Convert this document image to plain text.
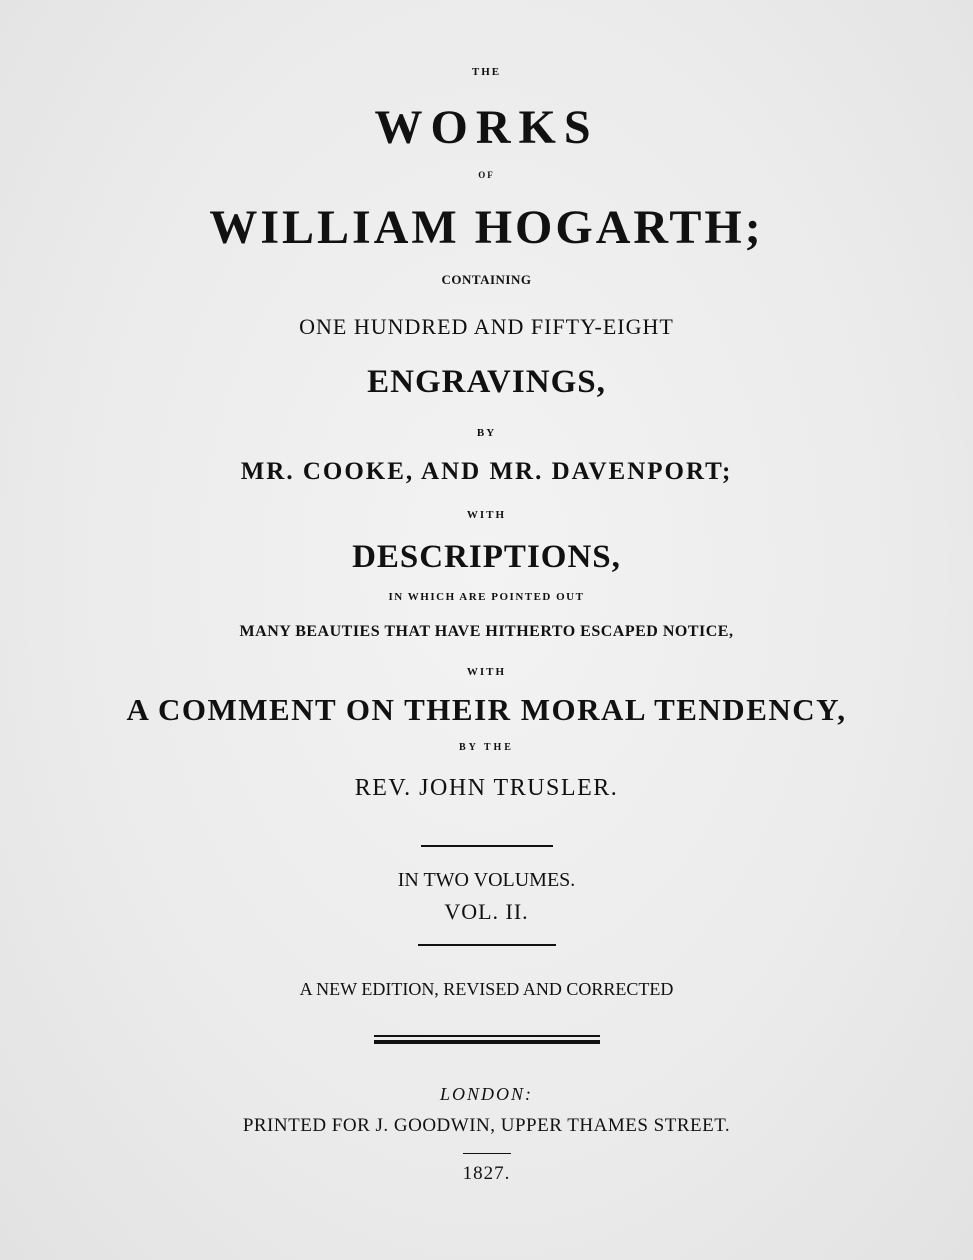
THE
WORKS
OF
WILLIAM HOGARTH;
CONTAINING
ONE HUNDRED AND FIFTY-EIGHT
ENGRAVINGS,
BY
MR. COOKE, AND MR. DAVENPORT;
WITH
DESCRIPTIONS,
IN WHICH ARE POINTED OUT
MANY BEAUTIES THAT HAVE HITHERTO ESCAPED NOTICE,
WITH
A COMMENT ON THEIR MORAL TENDENCY,
BY THE
REV. JOHN TRUSLER.
IN TWO VOLUMES.
VOL. II.
A NEW EDITION, REVISED AND CORRECTED
LONDON:
PRINTED FOR J. GOODWIN, UPPER THAMES STREET.
1827.
